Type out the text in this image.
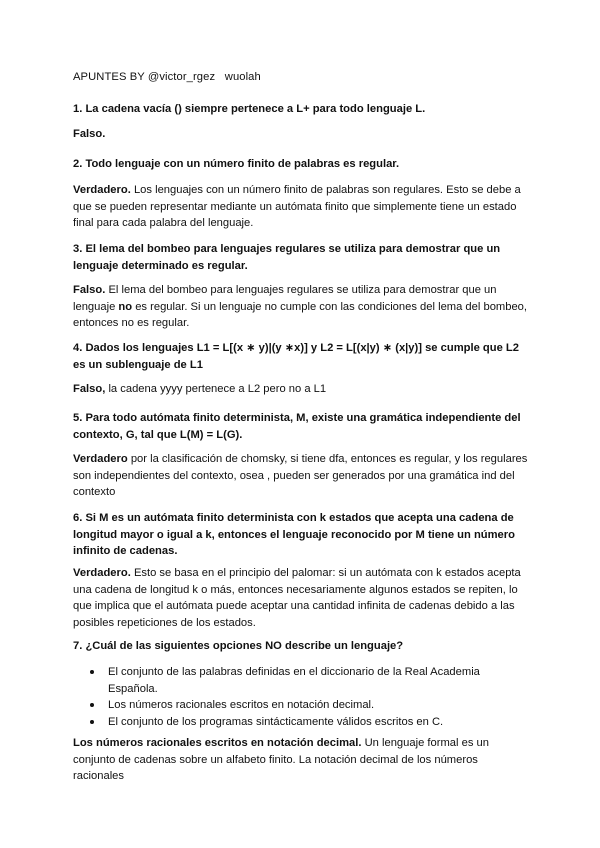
APUNTES BY @victor_rgez   wuolah
1. La cadena vacía () siempre pertenece a L+ para todo lenguaje L.
Falso.
2. Todo lenguaje con un número finito de palabras es regular.
Verdadero. Los lenguajes con un número finito de palabras son regulares. Esto se debe a que se pueden representar mediante un autómata finito que simplemente tiene un estado final para cada palabra del lenguaje.
3. El lema del bombeo para lenguajes regulares se utiliza para demostrar que un lenguaje determinado es regular.
Falso. El lema del bombeo para lenguajes regulares se utiliza para demostrar que un lenguaje no es regular. Si un lenguaje no cumple con las condiciones del lema del bombeo, entonces no es regular.
4. Dados los lenguajes L1 = L[(x ∗ y)|(y ∗x)] y L2 = L[(x|y) ∗ (x|y)] se cumple que L2 es un sublenguaje de L1
Falso, la cadena yyyy pertenece a L2 pero no a L1
5. Para todo autómata finito determinista, M, existe una gramática independiente del contexto, G, tal que L(M) = L(G).
Verdadero por la clasificación de chomsky, si tiene dfa, entonces es regular, y los regulares son independientes del contexto, osea , pueden ser generados por una gramática ind del contexto
6. Si M es un autómata finito determinista con k estados que acepta una cadena de longitud mayor o igual a k, entonces el lenguaje reconocido por M tiene un número infinito de cadenas.
Verdadero. Esto se basa en el principio del palomar: si un autómata con k estados acepta una cadena de longitud k o más, entonces necesariamente algunos estados se repiten, lo que implica que el autómata puede aceptar una cantidad infinita de cadenas debido a las posibles repeticiones de los estados.
7. ¿Cuál de las siguientes opciones NO describe un lenguaje?
El conjunto de las palabras definidas en el diccionario de la Real Academia Española.
Los números racionales escritos en notación decimal.
El conjunto de los programas sintácticamente válidos escritos en C.
Los números racionales escritos en notación decimal. Un lenguaje formal es un conjunto de cadenas sobre un alfabeto finito. La notación decimal de los números racionales
